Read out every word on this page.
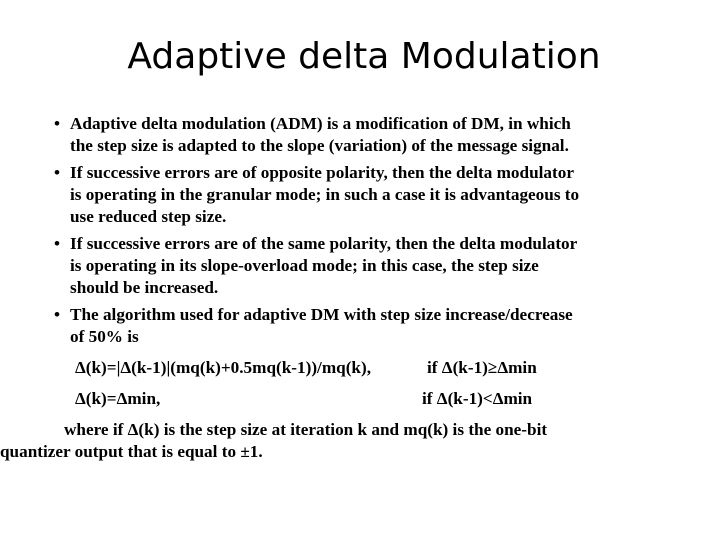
Adaptive delta Modulation
• Adaptive delta modulation (ADM) is a modification of DM, in which
the step size is adapted to the slope (variation) of the message signal.
• If successive errors are of opposite polarity, then the delta modulator
is operating in the granular mode; in such a case it is advantageous to
use reduced step size.
• If successive errors are of the same polarity, then the delta modulator
is operating in its slope-overload mode; in this case, the step size
should be increased.
• The algorithm used for adaptive DM with step size increase/decrease
of 50% is
Δ(k)=|Δ(k-1)|(mq(k)+0.5mq(k-1))/mq(k),	if Δ(k-1)≥Δmin
Δ(k)=Δmin,	if Δ(k-1)<Δmin
where if Δ(k) is the step size at iteration k and mq(k) is the one-bit
quantizer output that is equal to ±1.
